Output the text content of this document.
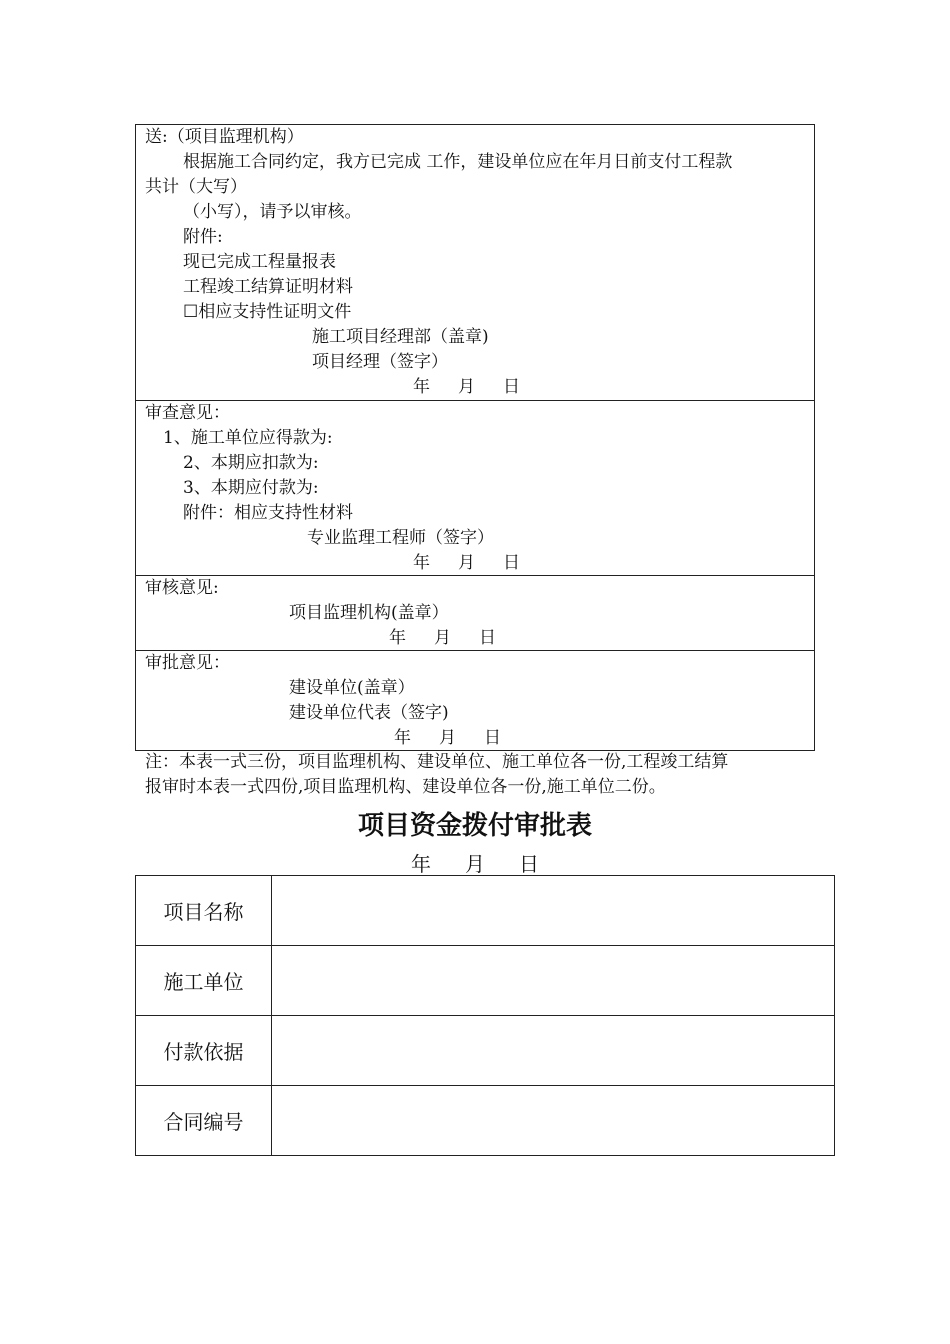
送:（项目监理机构）
根据施工合同约定，我方已完成 工作，建设单位应在年月日前支付工程款
共计（大写）
（小写），请予以审核。
附件:
现已完成工程量报表
工程竣工结算证明材料
☐相应支持性证明文件
施工项目经理部（盖章)
项目经理（签字）
年 月 日
审查意见：
1、施工单位应得款为:
2、本期应扣款为:
3、本期应付款为:
附件：相应支持性材料
专业监理工程师（签字）
年 月 日
审核意见:
项目监理机构(盖章）
年 月 日
审批意见：
建设单位(盖章）
建设单位代表（签字)
年 月 日
注：本表一式三份，项目监理机构、建设单位、施工单位各一份,工程竣工结算
报审时本表一式四份,项目监理机构、建设单位各一份,施工单位二份。
项目资金拨付审批表
年 月 日
项目名称	
施工单位	
付款依据	
合同编号	
